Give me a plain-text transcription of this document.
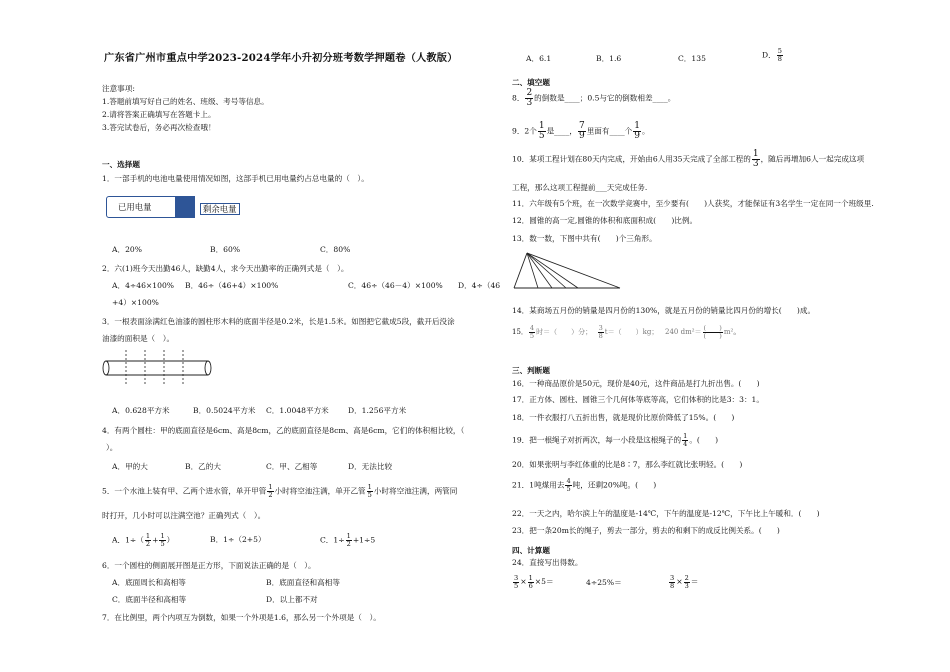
广东省广州市重点中学2023-2024学年小升初分班考数学押题卷（人教版）
注意事项:
1.答题前填写好自己的姓名、班级、考号等信息。
2.请将答案正确填写在答题卡上。
3.答完试卷后，务必再次检查哦！
一、选择题
1．一部手机的电池电量使用情况如图，这部手机已用电量约占总电量的（　）。
已用电量	剩余电量
A．20%	B．60%	C．80%
2．六(1)班今天出勤46人，缺勤4人，求今天出勤率的正确列式是（　）。
A．4÷46×100% B．46÷（46+4）×100%	C．46÷（46－4）×100% D．4÷（46
+4）×100%
3．一根表面涂满红色油漆的圆柱形木料的底面半径是0.2米，长是1.5米。如图把它截成5段，截开后没涂
油漆的面积是（　）。
A．0.628平方米	B．0.5024平方米 C．1.0048平方米	D．1.256平方米
4．有两个圆柱：甲的底面直径是6cm、高是8cm，乙的底面直径是8cm、高是6cm，它们的体积相比较，（
）。
A．甲的大	B．乙的大	C．甲、乙相等	D．无法比较
5．一个水池上装有甲、乙两个进水管，单开甲管 $\frac{1}{2}$ 小时将空池注满，单开乙管 $\frac{1}{5}$ 小时将空池注满，两管同
时打开，几小时可以注满空池？正确列式（　）。
A．$1\div( \frac{1}{2} + \frac{1}{5}$ ）	B．1÷（2+5）	C．$1\div \frac{1}{2} +1\div 5$
6．一个圆柱的侧面展开图是正方形，下面说法正确的是（　）。
A．底面周长和高相等	B．底面直径和高相等
C．底面半径和高相等	D．以上都不对
7．在比例里，两个内项互为倒数，如果一个外项是1.6，那么另一个外项是（　）。
A．6.1	B．1.6	C．135	D． $\frac{5}{8}$
二、填空题
8． $\frac{2}{3}$ 的倒数是____；0.5与它的倒数相差____。
9．2个 $\frac{1}{5}$ 是____， $\frac{7}{9}$ 里面有____个 $\frac{1}{9}$ 。
10．某项工程计划在80天内完成，开始由6人用35天完成了全部工程的 $\frac{1}{3}$ ，随后再增加6人一起完成这项
工程，那么这项工程提前___天完成任务.
11．六年级有5个班，在一次数学竞赛中，至少要有(　　)人获奖，才能保证有3名学生一定在同一个班级里.
12．圆锥的高一定,圆锥的体积和底面积成(　　)比例。
13．数一数，下图中共有(　　)个三角形。
14．某商场五月份的销量是四月份的130%，就是五月份的销量比四月份的增长(　　)成。
15． $\frac{4}{5}$ 时＝（　　）分； $\frac{3}{8} t=$（　　）kg； 240 $dm^2= \frac{( )}{( )} m^2$。
三、判断题
16．一种商品原价是50元，现价是40元，这件商品是打九折出售。(　　)
17．正方体、圆柱、圆锥三个几何体等底等高，它们体积的比是3：3：1。
18．一件衣服打八五折出售，就是现价比原价降低了15%。(　　)
19．把一根绳子对折两次，每一小段是这根绳子的 $\frac{1}{4}$ 。(　　)
20．如果张明与李红体重的比是8∶7，那么李红就比张明轻。(　　)
21．1吨煤用去 $\frac{4}{5}$ 吨，还剩20%吨。(　　)
22．一天之内，哈尔滨上午的温度是-14℃，下午的温度是-12℃，下午比上午暖和．(　　)
23．把一条20m长的绳子，剪去一部分，剪去的和剩下的成反比例关系。(　　)
四、计算题
24．直接写出得数。
$\frac{3}{5} \times \frac{1}{6} \times 5=$	4÷25%＝	$\frac{3}{8} \times \frac{2}{3}$ ＝
